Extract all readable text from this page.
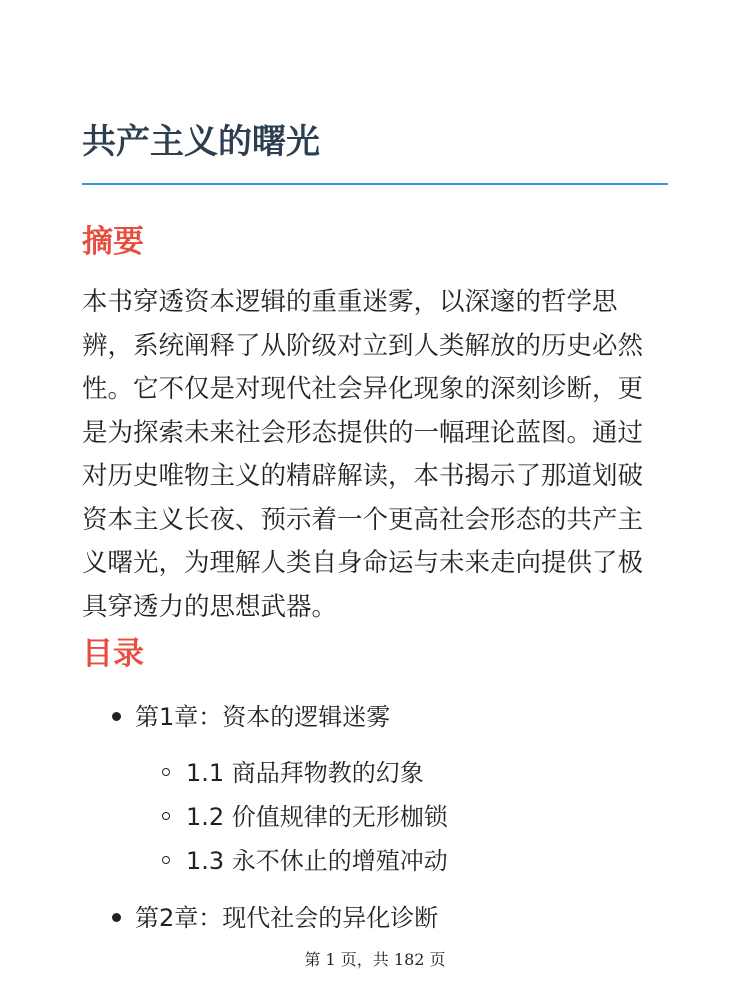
共产主义的曙光
摘要

本书穿透资本逻辑的重重迷雾，以深邃的哲学思
辨，系统阐释了从阶级对立到人类解放的历史必然
性。它不仅是对现代社会异化现象的深刻诊断，更
是为探索未来社会形态提供的一幅理论蓝图。通过
对历史唯物主义的精辟解读，本书揭示了那道划破
资本主义长夜、预示着一个更高社会形态的共产主
义曙光，为理解人类自身命运与未来走向提供了极
具穿透力的思想武器。

目录
第1章：资本的逻辑迷雾
1.1 商品拜物教的幻象
1.2 价值规律的无形枷锁
1.3 永不休止的增殖冲动
第2章：现代社会的异化诊断
第 1 页，共 182 页
